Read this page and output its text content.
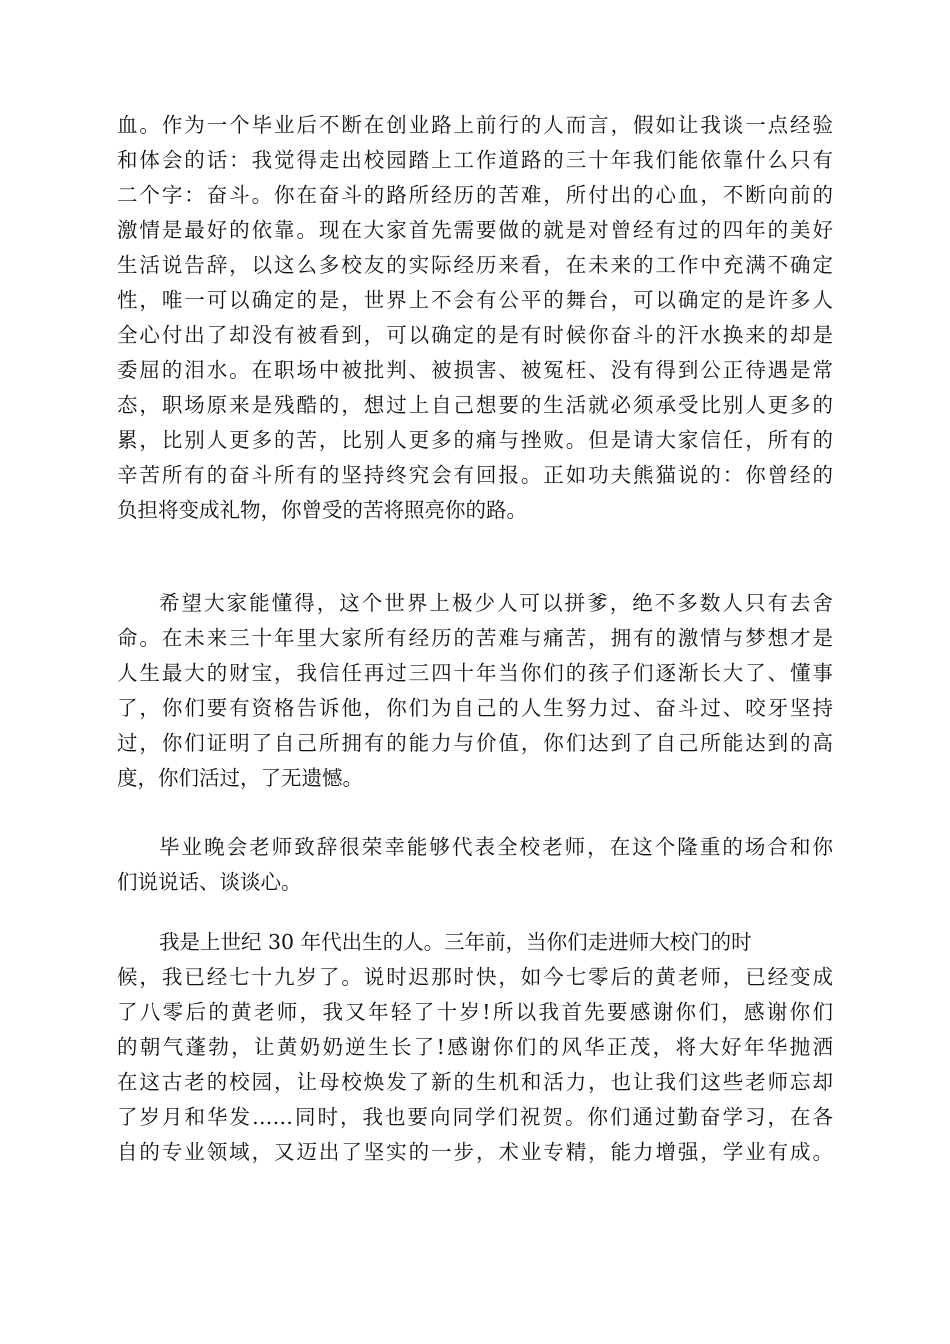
血。作为一个毕业后不断在创业路上前行的人而言，假如让我谈一点经验
和体会的话：我觉得走出校园踏上工作道路的三十年我们能依靠什么只有
二个字：奋斗。你在奋斗的路所经历的苦难，所付出的心血，不断向前的
激情是最好的依靠。现在大家首先需要做的就是对曾经有过的四年的美好
生活说告辞，以这么多校友的实际经历来看，在未来的工作中充满不确定
性，唯一可以确定的是，世界上不会有公平的舞台，可以确定的是许多人
全心付出了却没有被看到，可以确定的是有时候你奋斗的汗水换来的却是
委屈的泪水。在职场中被批判、被损害、被冤枉、没有得到公正待遇是常
态，职场原来是残酷的，想过上自己想要的生活就必须承受比别人更多的
累，比别人更多的苦，比别人更多的痛与挫败。但是请大家信任，所有的
辛苦所有的奋斗所有的坚持终究会有回报。正如功夫熊猫说的：你曾经的
负担将变成礼物，你曾受的苦将照亮你的路。
希望大家能懂得，这个世界上极少人可以拼爹，绝不多数人只有去舍
命。在未来三十年里大家所有经历的苦难与痛苦，拥有的激情与梦想才是
人生最大的财宝，我信任再过三四十年当你们的孩子们逐渐长大了、懂事
了，你们要有资格告诉他，你们为自己的人生努力过、奋斗过、咬牙坚持
过，你们证明了自己所拥有的能力与价值，你们达到了自己所能达到的高
度，你们活过，了无遗憾。
毕业晚会老师致辞很荣幸能够代表全校老师，在这个隆重的场合和你
们说说话、谈谈心。
我是上世纪 30 年代出生的人。三年前，当你们走进师大校门的时
候，我已经七十九岁了。说时迟那时快，如今七零后的黄老师，已经变成
了八零后的黄老师，我又年轻了十岁!所以我首先要感谢你们，感谢你们
的朝气蓬勃，让黄奶奶逆生长了!感谢你们的风华正茂，将大好年华抛洒
在这古老的校园，让母校焕发了新的生机和活力，也让我们这些老师忘却
了岁月和华发……同时，我也要向同学们祝贺。你们通过勤奋学习，在各
自的专业领域，又迈出了坚实的一步，术业专精，能力增强，学业有成。
